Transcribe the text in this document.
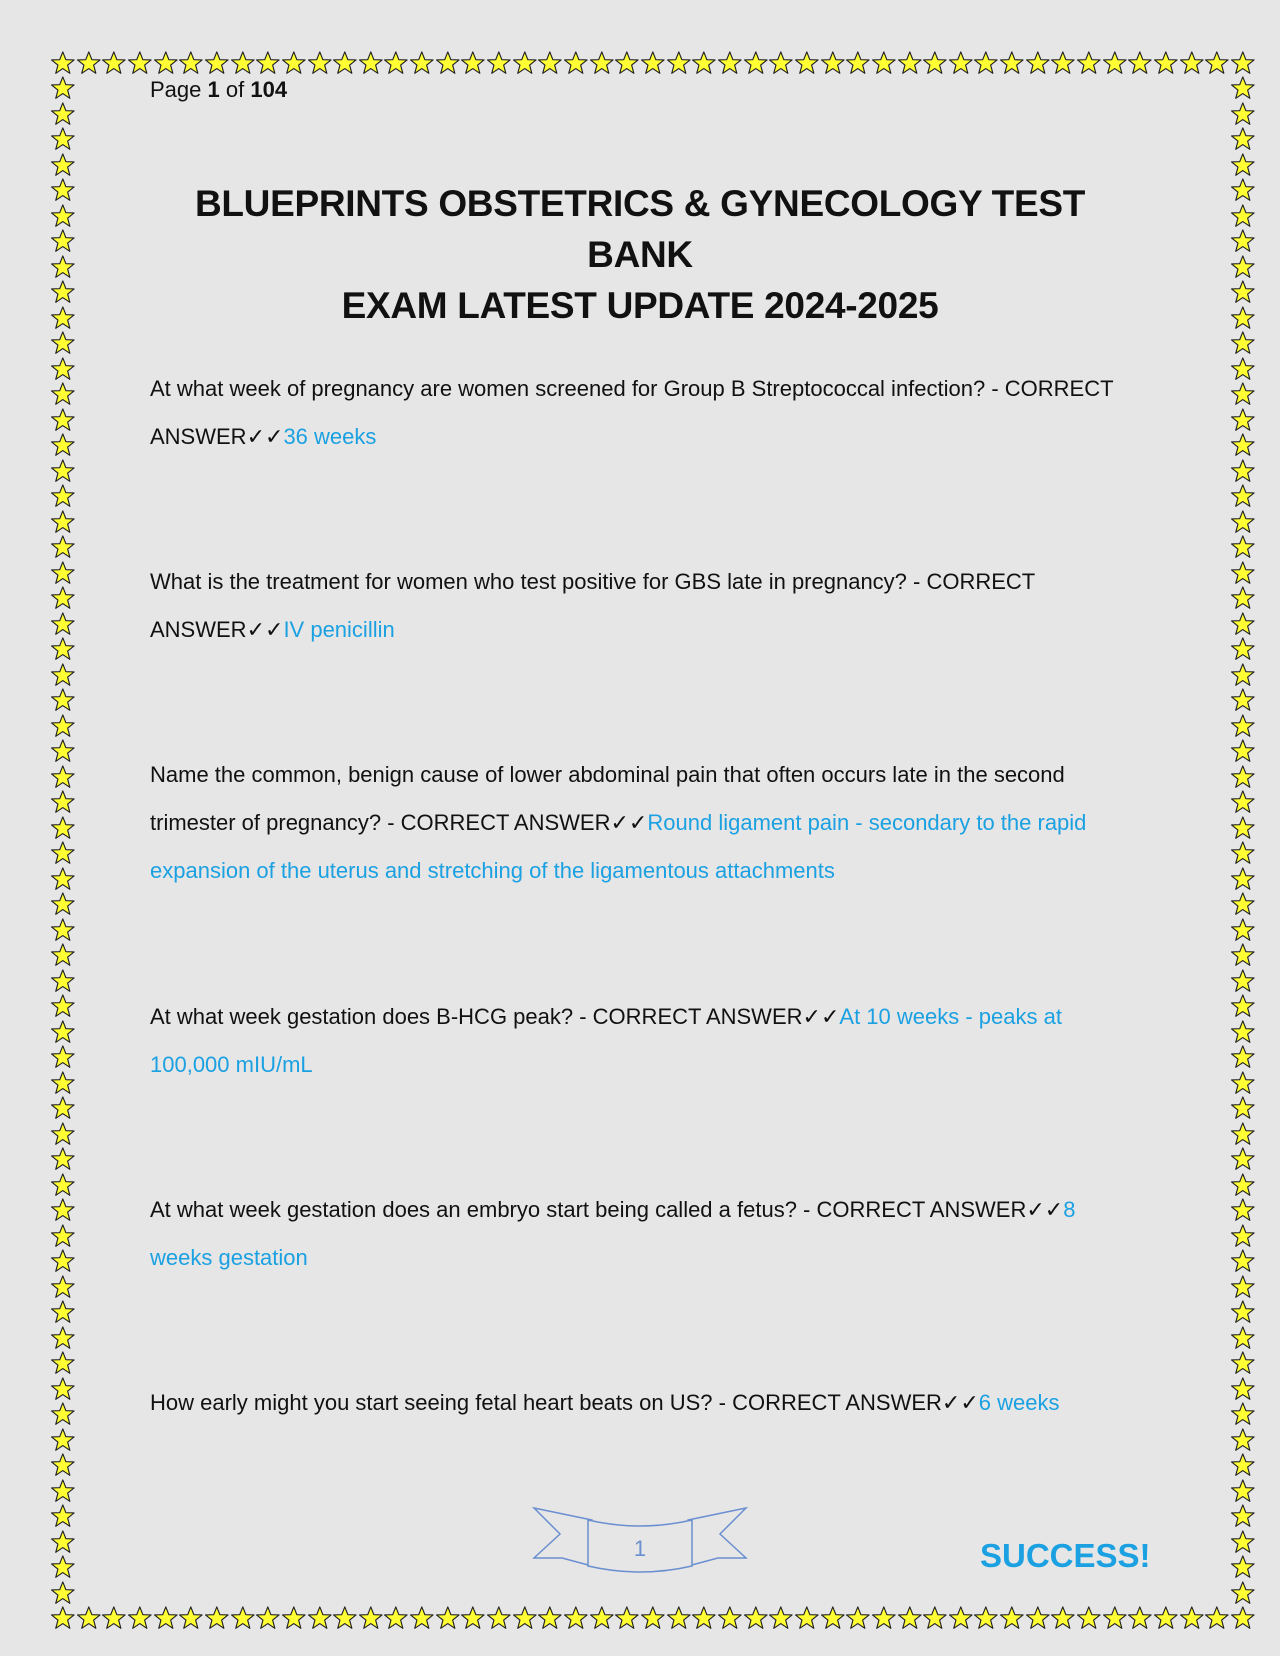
Page 1 of 104
BLUEPRINTS OBSTETRICS & GYNECOLOGY TEST BANK
EXAM LATEST UPDATE 2024-2025
At what week of pregnancy are women screened for Group B Streptococcal infection? - CORRECT ANSWER✓✓36 weeks
What is the treatment for women who test positive for GBS late in pregnancy? - CORRECT ANSWER✓✓IV penicillin
Name the common, benign cause of lower abdominal pain that often occurs late in the second trimester of pregnancy? - CORRECT ANSWER✓✓Round ligament pain - secondary to the rapid expansion of the uterus and stretching of the ligamentous attachments
At what week gestation does B-HCG peak? - CORRECT ANSWER✓✓At 10 weeks - peaks at 100,000 mIU/mL
At what week gestation does an embryo start being called a fetus? - CORRECT ANSWER✓✓8 weeks gestation
How early might you start seeing fetal heart beats on US? - CORRECT ANSWER✓✓6 weeks
1	SUCCESS!
